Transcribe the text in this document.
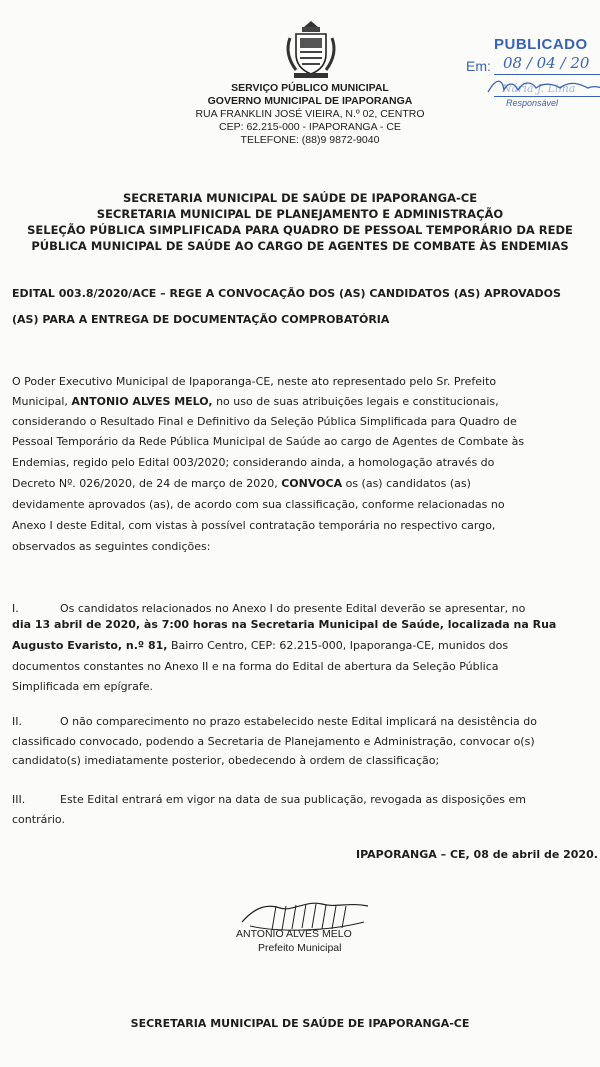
SERVIÇO PÚBLICO MUNICIPAL
GOVERNO MUNICIPAL DE IPAPORANGA
RUA FRANKLIN JOSÉ VIEIRA, N.º 02, CENTRO
CEP: 62.215-000 - IPAPORANGA - CE
TELEFONE: (88)9 9872-9040
PUBLICADO
Em: 08 / 04 / 20
Nária J. Lima
Responsável
SECRETARIA MUNICIPAL DE SAÚDE DE IPAPORANGA-CE
SECRETARIA MUNICIPAL DE PLANEJAMENTO E ADMINISTRAÇÃO
SELEÇÃO PÚBLICA SIMPLIFICADA PARA QUADRO DE PESSOAL TEMPORÁRIO DA REDE
PÚBLICA MUNICIPAL DE SAÚDE AO CARGO DE AGENTES DE COMBATE ÀS ENDEMIAS
EDITAL 003.8/2020/ACE – REGE A CONVOCAÇÃO DOS (AS) CANDIDATOS (AS) APROVADOS
(AS) PARA A ENTREGA DE DOCUMENTAÇÃO COMPROBATÓRIA
O Poder Executivo Municipal de Ipaporanga-CE, neste ato representado pelo Sr. Prefeito
Municipal, ANTONIO ALVES MELO, no uso de suas atribuições legais e constitucionais,
considerando o Resultado Final e Definitivo da Seleção Pública Simplificada para Quadro de
Pessoal Temporário da Rede Pública Municipal de Saúde ao cargo de Agentes de Combate às
Endemias, regido pelo Edital 003/2020; considerando ainda, a homologação através do
Decreto Nº. 026/2020, de 24 de março de 2020, CONVOCA os (as) candidatos (as)
devidamente aprovados (as), de acordo com sua classificação, conforme relacionadas no
Anexo I deste Edital, com vistas à possível contratação temporária no respectivo cargo,
observados as seguintes condições:
I.	Os candidatos relacionados no Anexo I do presente Edital deverão se apresentar, no
dia 13 abril de 2020, às 7:00 horas na Secretaria Municipal de Saúde, localizada na Rua
Augusto Evaristo, n.º 81, Bairro Centro, CEP: 62.215-000, Ipaporanga-CE, munidos dos
documentos constantes no Anexo II e na forma do Edital de abertura da Seleção Pública
Simplificada em epígrafe.
II.	O não comparecimento no prazo estabelecido neste Edital implicará na desistência do
classificado convocado, podendo a Secretaria de Planejamento e Administração, convocar o(s)
candidato(s) imediatamente posterior, obedecendo à ordem de classificação;
III.	Este Edital entrará em vigor na data de sua publicação, revogada as disposições em
contrário.
IPAPORANGA – CE, 08 de abril de 2020.
ANTONIO ALVES MELO
Prefeito Municipal
SECRETARIA MUNICIPAL DE SAÚDE DE IPAPORANGA-CE
